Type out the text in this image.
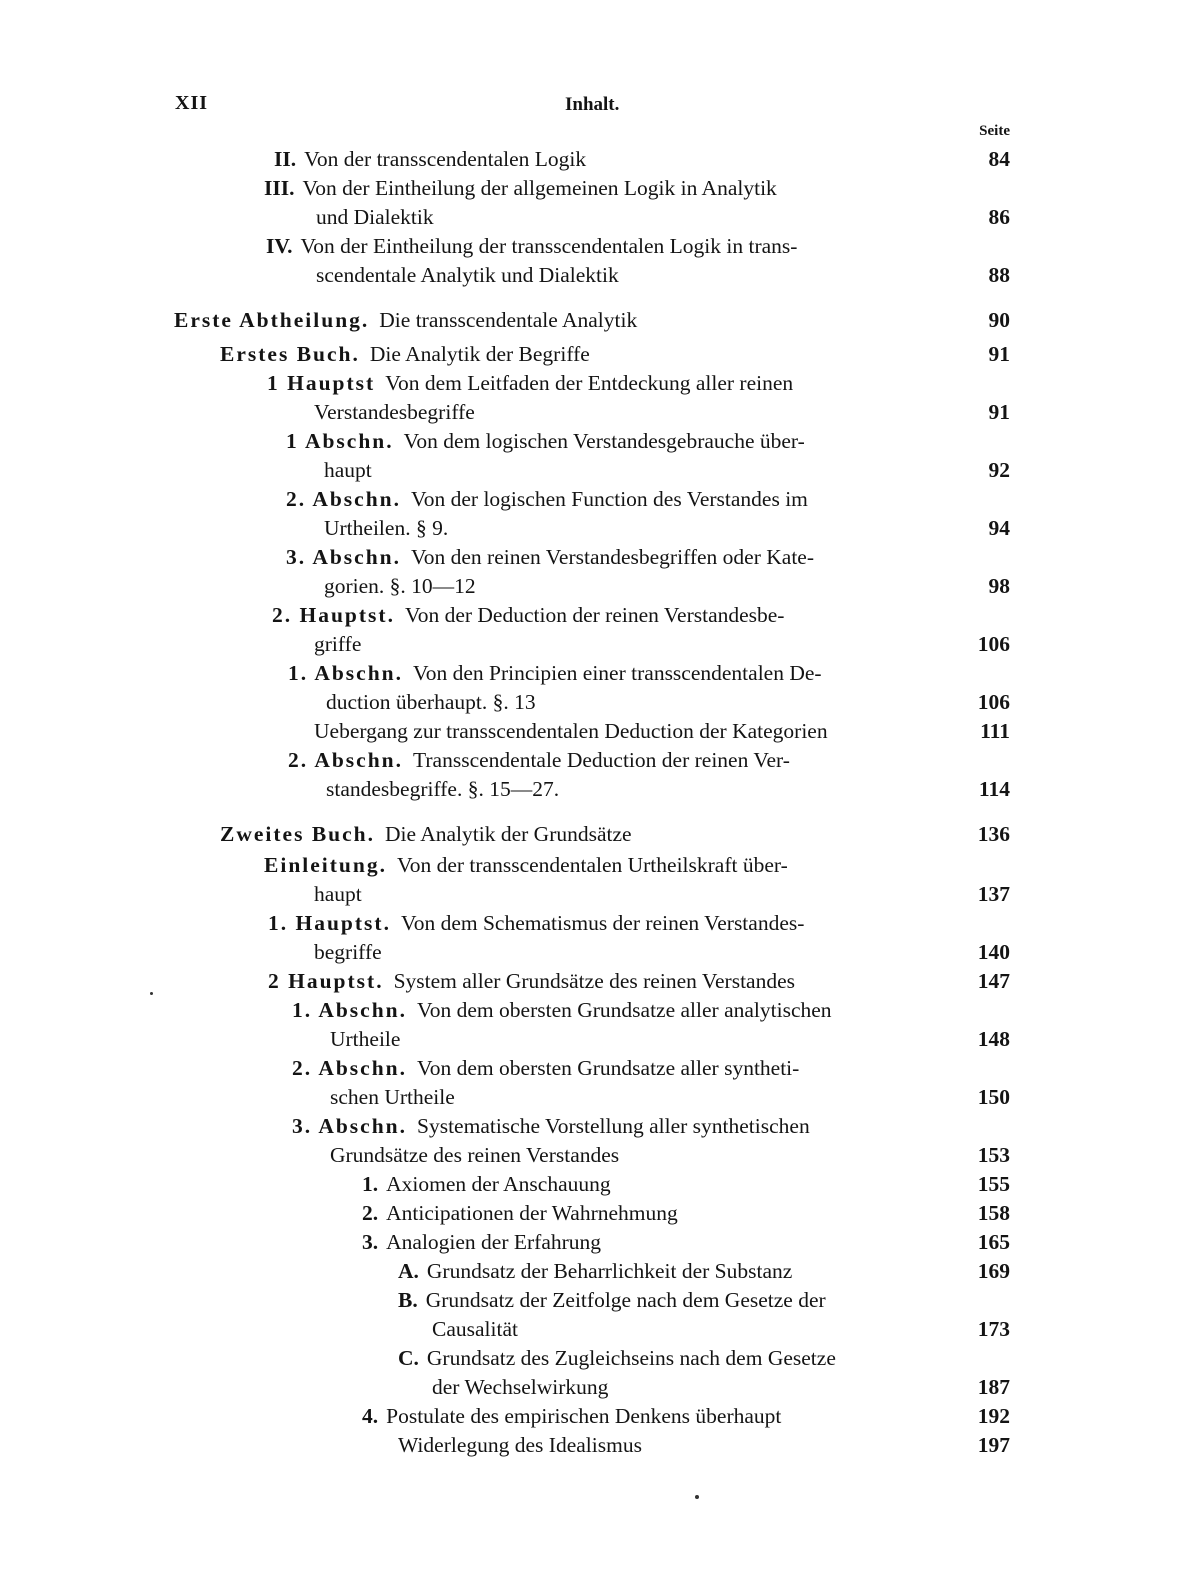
XII	Inhalt.
Seite
II. Von der transscendentalen Logik	84
III. Von der Eintheilung der allgemeinen Logik in Analytik
und Dialektik	86
IV. Von der Eintheilung der transscendentalen Logik in trans-
scendentale Analytik und Dialektik	88
Erste Abtheilung. Die transscendentale Analytik	90
Erstes Buch. Die Analytik der Begriffe	91
1 Hauptst Von dem Leitfaden der Entdeckung aller reinen
Verstandesbegriffe	91
1 Abschn. Von dem logischen Verstandesgebrauche über-
haupt	92
2. Abschn. Von der logischen Function des Verstandes im
Urtheilen. § 9.	94
3. Abschn. Von den reinen Verstandesbegriffen oder Kate-
gorien. §. 10—12	98
2. Hauptst. Von der Deduction der reinen Verstandesbe-
griffe	106
1. Abschn. Von den Principien einer transscendentalen De-
duction überhaupt. §. 13	106
Uebergang zur transscendentalen Deduction der Kategorien	111
2. Abschn. Transscendentale Deduction der reinen Ver-
standesbegriffe. §. 15—27.	114
Zweites Buch. Die Analytik der Grundsätze	136
Einleitung. Von der transscendentalen Urtheilskraft über-
haupt	137
1. Hauptst. Von dem Schematismus der reinen Verstandes-
begriffe	140
2 Hauptst. System aller Grundsätze des reinen Verstandes	147
1. Abschn. Von dem obersten Grundsatze aller analytischen
Urtheile	148
2. Abschn. Von dem obersten Grundsatze aller syntheti-
schen Urtheile	150
3. Abschn. Systematische Vorstellung aller synthetischen
Grundsätze des reinen Verstandes	153
1. Axiomen der Anschauung	155
2. Anticipationen der Wahrnehmung	158
3. Analogien der Erfahrung	165
A. Grundsatz der Beharrlichkeit der Substanz	169
B. Grundsatz der Zeitfolge nach dem Gesetze der
Causalität	173
C. Grundsatz des Zugleichseins nach dem Gesetze
der Wechselwirkung	187
4. Postulate des empirischen Denkens überhaupt	192
Widerlegung des Idealismus	197
